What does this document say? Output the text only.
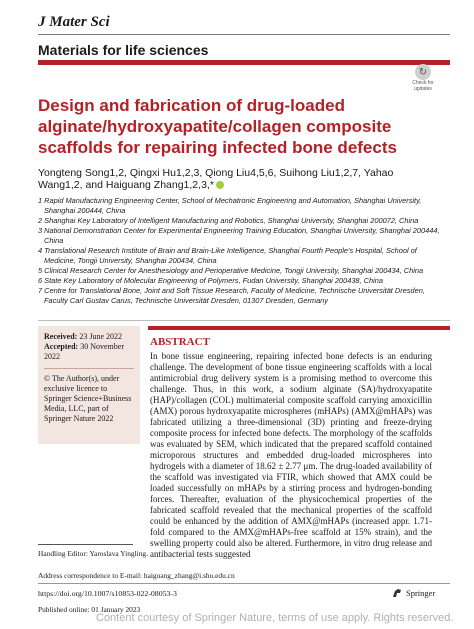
J Mater Sci
Materials for life sciences
↻
Check for updates
Design and fabrication of drug-loaded alginate/hydroxyapatite/collagen composite scaffolds for repairing infected bone defects
Yongteng Song1,2, Qingxi Hu1,2,3, Qiong Liu4,5,6, Suihong Liu1,2,7, Yahao Wang1,2, and Haiguang Zhang1,2,3,*
1 Rapid Manufacturing Engineering Center, School of Mechatronic Engineering and Automation, Shanghai University, Shanghai 200444, China
2 Shanghai Key Laboratory of Intelligent Manufacturing and Robotics, Shanghai University, Shanghai 200072, China
3 National Demonstration Center for Experimental Engineering Training Education, Shanghai University, Shanghai 200444, China
4 Translational Research Institute of Brain and Brain-Like Intelligence, Shanghai Fourth People's Hospital, School of Medicine, Tongji University, Shanghai 200434, China
5 Clinical Research Center for Anesthesiology and Perioperative Medicine, Tongji University, Shanghai 200434, China
6 State Key Laboratory of Molecular Engineering of Polymers, Fudan University, Shanghai 200438, China
7 Centre for Translational Bone, Joint and Soft Tissue Research, Faculty of Medicine, Technische Universität Dresden, Faculty Carl Gustav Carus, Technische Universität Dresden, 01307 Dresden, Germany
Received: 23 June 2022
Accepted: 30 November 2022
© The Author(s), under exclusive licence to Springer Science+Business Media, LLC, part of Springer Nature 2022
ABSTRACT
In bone tissue engineering, repairing infected bone defects is an enduring challenge. The development of bone tissue engineering scaffolds with a local antimicrobial drug delivery system is a promising method to overcome this challenge. Thus, in this work, a sodium alginate (SA)/hydroxyapatite (HAP)/collagen (COL) multimaterial composite scaffold carrying amoxicillin (AMX) porous hydroxyapatite microspheres (mHAPs) (AMX@mHAPs) was fabricated utilizing a three-dimensional (3D) printing and freeze-drying composite process for infected bone defects. The morphology of the scaffolds was evaluated by SEM, which indicated that the prepared scaffold contained microporous structures and embedded drug-loaded microspheres into hydrogels with a diameter of 18.62 ± 2.77 μm. The drug-loaded availability of the scaffold was investigated via FTIR, which showed that AMX could be loaded successfully on mHAPs by a stirring process and hydrogen-bonding forces. Thereafter, evaluation of the physicochemical properties of the fabricated scaffold revealed that the mechanical properties of the scaffold could be enhanced by the addition of AMX@mHAPs (increased appr. 1.71-fold compared to the AMX@mHAPs-free scaffold at 15% strain), and the swelling property could also be altered. Furthermore, in vitro drug release and antibacterial tests suggested
Handling Editor: Yaroslava Yingling.
Address correspondence to E-mail: haiguang_zhang@i.shu.edu.cn
https://doi.org/10.1007/s10853-022-08053-3
Published online: 01 January 2023
Springer
Content courtesy of Springer Nature, terms of use apply. Rights reserved.
